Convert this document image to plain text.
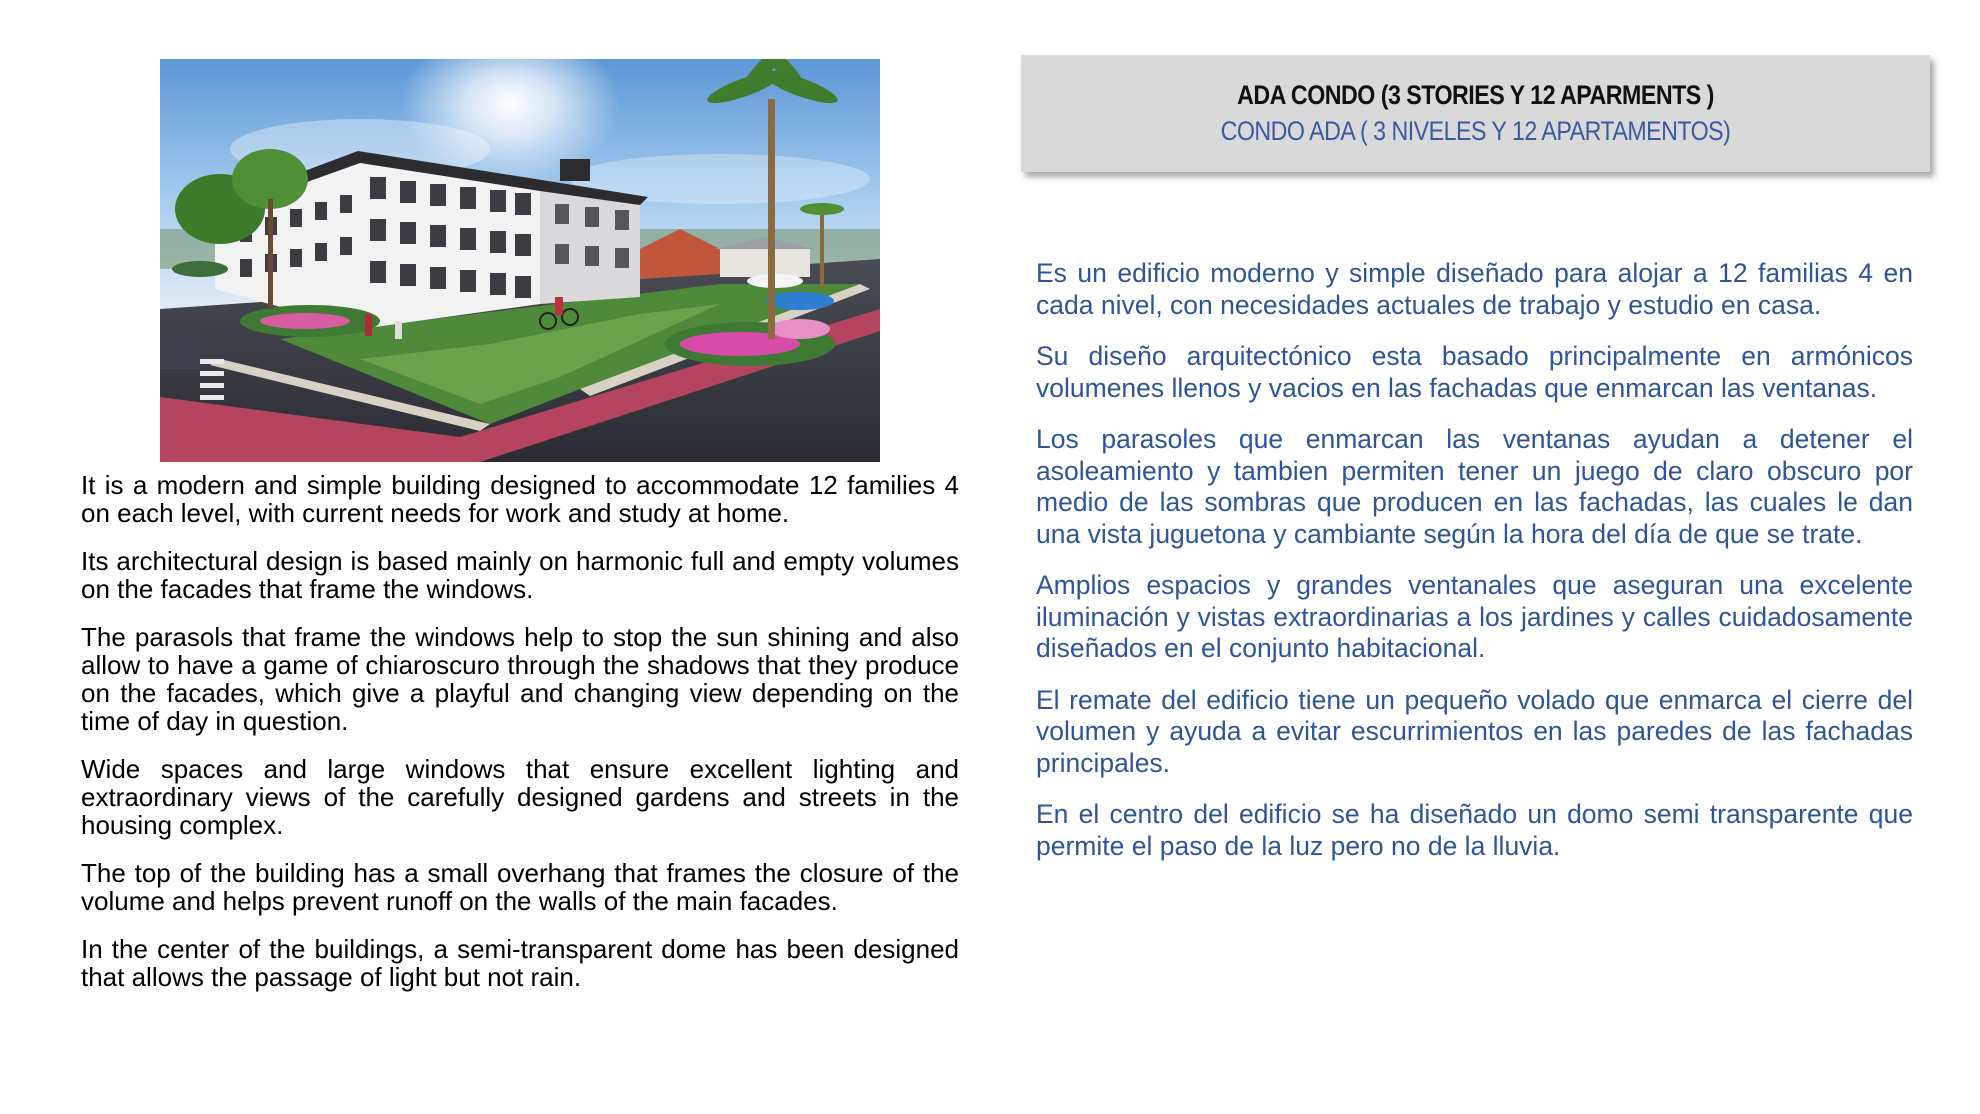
It is a modern and simple building designed to accommodate 12 families 4 on each level, with current needs for work and study at home.

Its architectural design is based mainly on harmonic full and empty volumes on the facades that frame the windows.

The parasols that frame the windows help to stop the sun shining and also allow to have a game of chiaroscuro through the shadows that they produce on the facades, which give a playful and changing view depending on the time of day in question.

Wide spaces and large windows that ensure excellent lighting and extraordinary views of the carefully designed gardens and streets in the housing complex.

The top of the building has a small overhang that frames the closure of the volume and helps prevent runoff on the walls of the main facades.

In the center of the buildings, a semi-transparent dome has been designed that allows the passage of light but not rain.

ADA CONDO (3 STORIES Y 12 APARMENTS )
CONDO ADA ( 3 NIVELES Y 12 APARTAMENTOS)

Es un edificio moderno y simple diseñado para alojar a 12 familias 4 en cada nivel, con necesidades actuales de trabajo y estudio en casa.

Su diseño arquitectónico esta basado principalmente en armónicos volumenes llenos y vacios en las fachadas que enmarcan las ventanas.

Los parasoles que enmarcan las ventanas ayudan a detener el asoleamiento y tambien permiten tener un juego de claro obscuro por medio de las sombras que producen en las fachadas, las cuales le dan una vista juguetona y cambiante según la hora del día de que se trate.

Amplios espacios y grandes ventanales que aseguran una excelente iluminación y vistas extraordinarias a los jardines y calles cuidadosamente diseñados en el conjunto habitacional.

El remate del edificio tiene un pequeño volado que enmarca el cierre del volumen y ayuda a evitar escurrimientos en las paredes de las fachadas principales.

En el centro del edificio se ha diseñado un domo semi transparente que permite el paso de la luz pero no de la lluvia.
